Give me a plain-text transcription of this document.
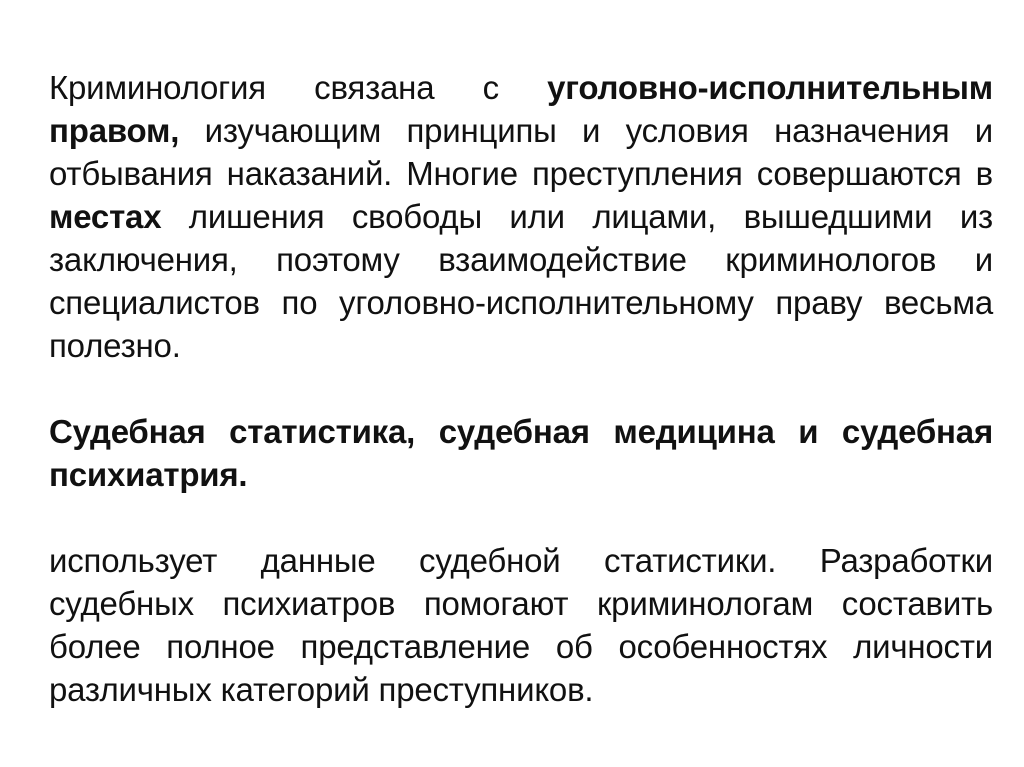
Криминология связана с уголовно-исполнительным правом, изучающим принципы и условия назначения и отбывания наказаний. Многие преступления совершаются в местах лишения свободы или лицами, вышедшими из заключения, поэтому взаимодействие криминологов и специалистов по уголовно-исполнительному праву весьма полезно.

Судебная статистика, судебная медицина и судебная психиатрия.

использует данные судебной статистики. Разработки судебных психиатров помогают криминологам составить более полное представление об особенностях личности различных категорий преступников.
